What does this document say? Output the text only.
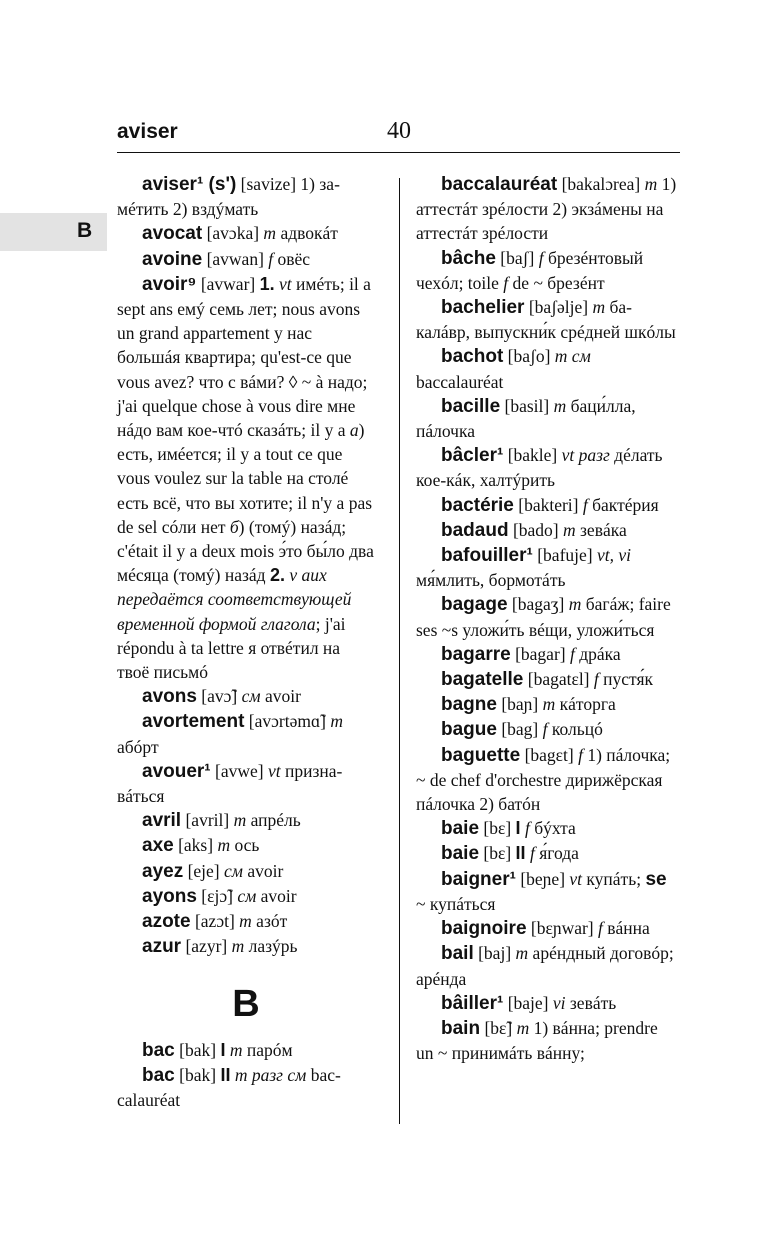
aviser	40
B
aviser¹ (s') [savize] 1) замéтить 2) вздýмать
avocat [avɔka] m адвокáт
avoine [avwan] f овёс
avoir⁹ [avwar] 1. vt имéть; il a sept ans емý семь лет; nous avons un grand appartement у нас большáя квартира; qu'est-ce que vous avez? что с вáми? ◊ ~ à надо; j'ai quelque chose à vous dire мне нáдо вам кое-чтó сказáть; il y a a) есть, имéется; il y a tout ce que vous voulez sur la table на столé есть всё, что вы хотите; il n'y a pas de sel сóли нет б) (томý) назáд; c'était il y a deux mois э́то бы́ло два мéсяца (томý) назáд 2. v aux передаётся соответствующей временной формой глагола; j'ai répondu à ta lettre я отвéтил на твоё письмó
avons [avɔ̃] см avoir
avortement [avɔrtəmɑ̃] m абóрт
avouer¹ [avwe] vt признавáться
avril [avril] m апрéль
axe [aks] m ось
ayez [eje] см avoir
ayons [ɛjɔ̃] см avoir
azote [azɔt] m азóт
azur [azyr] m лазýрь
B
bac [bak] I m парóм
bac [bak] II m разг см baccalauréat
baccalauréat [bakalɔrea] m 1) аттестáт зрéлости 2) экзáмены на аттестáт зрéлости
bâche [baʃ] f брезéнтовый чехóл; toile f de ~ брезéнт
bachelier [baʃəlje] m бакалáвр, выпускни́к срéдней шкóлы
bachot [baʃo] m см baccalauréat
bacille [basil] m баци́лла, пáлочка
bâcler¹ [bakle] vt разг дéлать кое-кáк, халтýрить
bactérie [bakteri] f бактéрия
badaud [bado] m зевáка
bafouiller¹ [bafuje] vt, vi мя́млить, бормотáть
bagage [bagaʒ] m багáж; faire ses ~s уложи́ть вéщи, уложи́ться
bagarre [bagar] f дрáка
bagatelle [bagatɛl] f пустя́к
bagne [baɲ] m кáторга
bague [bag] f кольцó
baguette [bagɛt] f 1) пáлочка; ~ de chef d'orchestre дирижёрская пáлочка 2) батóн
baie [bɛ] I f бýхта
baie [bɛ] II f я́года
baigner¹ [beɲe] vt купáть; se ~ купáться
baignoire [bɛɲwar] f вáнна
bail [baj] m арéндный договóр; арéнда
bâiller¹ [baje] vi зевáть
bain [bɛ̃] m 1) вáнна; prendre un ~ принимáть вáнну;
